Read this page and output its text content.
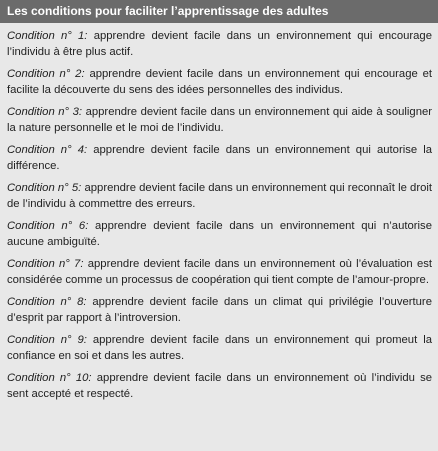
Les conditions pour faciliter l’apprentissage des adultes

Condition n° 1: apprendre devient facile dans un environnement qui encourage l’individu à être plus actif.

Condition n° 2: apprendre devient facile dans un environnement qui encourage et facilite la découverte du sens des idées personnelles des individus.

Condition n° 3: apprendre devient facile dans un environnement qui aide à souligner la nature personnelle et le moi de l’individu.

Condition n° 4: apprendre devient facile dans un environnement qui autorise la différence.

Condition n° 5: apprendre devient facile dans un environnement qui reconnaît le droit de l’individu à commettre des erreurs.

Condition n° 6: apprendre devient facile dans un environnement qui n’autorise aucune ambiguïté.

Condition n° 7: apprendre devient facile dans un environnement où l’évaluation est considérée comme un processus de coopération qui tient compte de l’amour-propre.

Condition n° 8: apprendre devient facile dans un climat qui privilégie l’ouverture d’esprit par rapport à l’introversion.

Condition n° 9: apprendre devient facile dans un environnement qui promeut la confiance en soi et dans les autres.

Condition n° 10: apprendre devient facile dans un environnement où l’individu se sent accepté et respecté.
